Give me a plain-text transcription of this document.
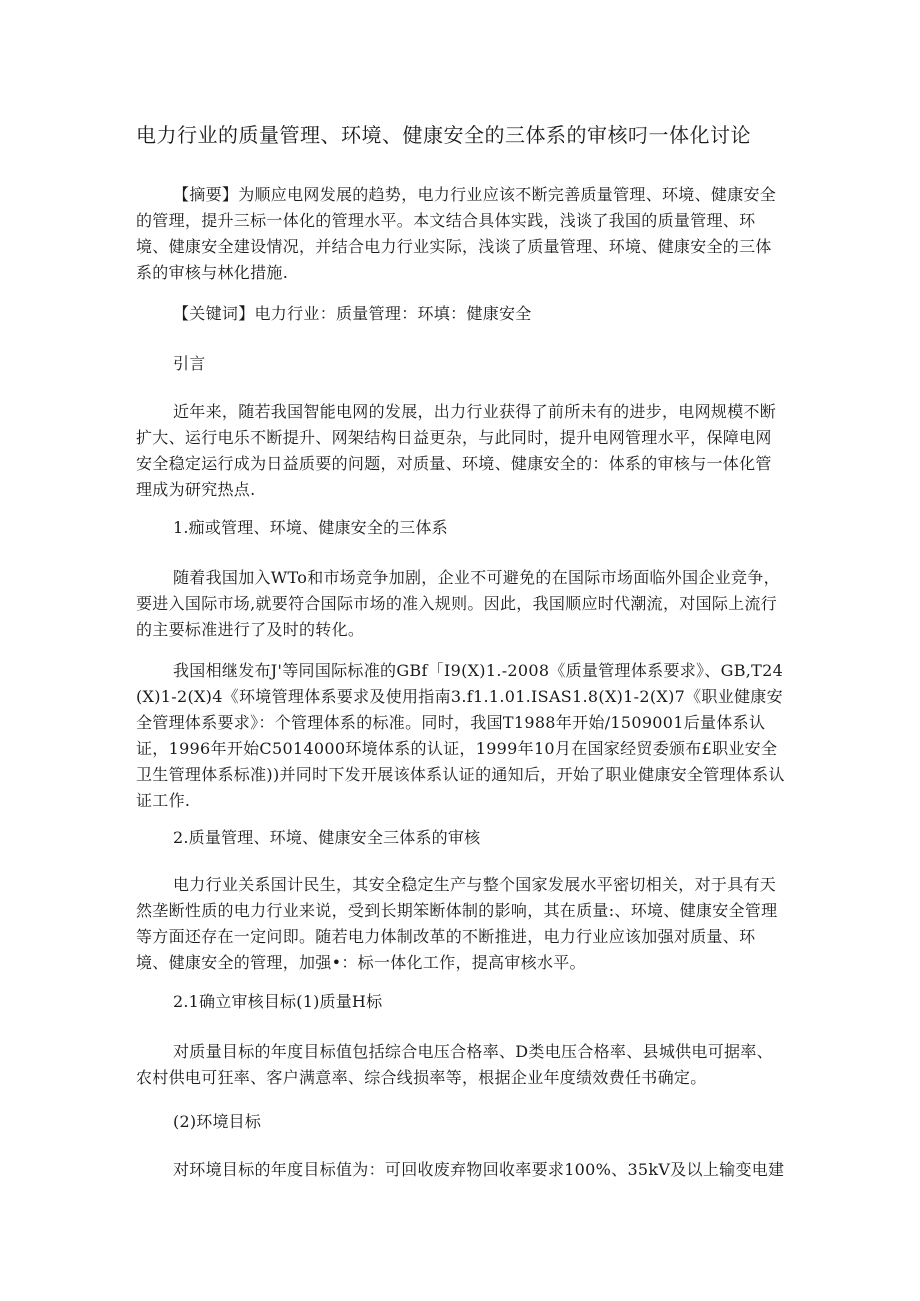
电力行业的质量管理、环境、健康安全的三体系的审核叼一体化讨论

【摘要】为顺应电网发展的趋势，电力行业应该不断完善质量管理、环境、健康安全的管理，提升三标一体化的管理水平。本文结合具体实践，浅谈了我国的质量管理、环境、健康安全建设情况，并结合电力行业实际，浅谈了质量管理、环境、健康安全的三体系的审核与林化措施.

【关键词】电力行业：质量管理：环填：健康安全

引言

近年来，随若我国智能电网的发展，出力行业获得了前所未有的进步，电网规模不断扩大、运行电乐不断提升、网架结构日益更杂，与此同时，提升电网管理水平，保障电网安全稳定运行成为日益质要的问题，对质量、环境、健康安全的：体系的审核与一体化管理成为研究热点.

1.痂或管理、环境、健康安全的三体系

随着我国加入WTo和市场竞争加剧，企业不可避免的在国际市场面临外国企业竞争，要进入国际市场,就要符合国际市场的准入规则。因此，我国顺应时代潮流，对国际上流行的主要标准进行了及时的转化。

我国相继发布J'等同国际标准的GBf「I9(X)1.-2008《质量管理体系要求》、GB,T24(X)1-2(X)4《环境管理体系要求及使用指南3.f1.1.01.ISAS1.8(X)1-2(X)7《职业健康安全管理体系要求》：个管理体系的标准。同时，我国T1988年开始/1509001后量体系认证，1996年开始C5014000环境体系的认证，1999年10月在国家经贸委颁布£职业安全卫生管理体系标准))并同时下发开展该体系认证的通知后，开始了职业健康安全管理体系认证工作.

2.质量管理、环境、健康安全三体系的审核

电力行业关系国计民生，其安全稳定生产与整个国家发展水平密切相关，对于具有天然垄断性质的电力行业来说，受到长期笨断体制的影响，其在质量:、环境、健康安全管理等方面还存在一定问即。随若电力体制改革的不断推进，电力行业应该加强对质量、环境、健康安全的管理，加强•：标一体化工作，提高审核水平。

2.1确立审核目标(1)质量H标

对质量目标的年度目标值包括综合电压合格率、D类电压合格率、县城供电可据率、农村供电可狂率、客户满意率、综合线损率等，根据企业年度绩效费任书确定。

(2)环境目标

对环境目标的年度目标值为：可回收废弃物回收率要求100%、35kV及以上输变电建
